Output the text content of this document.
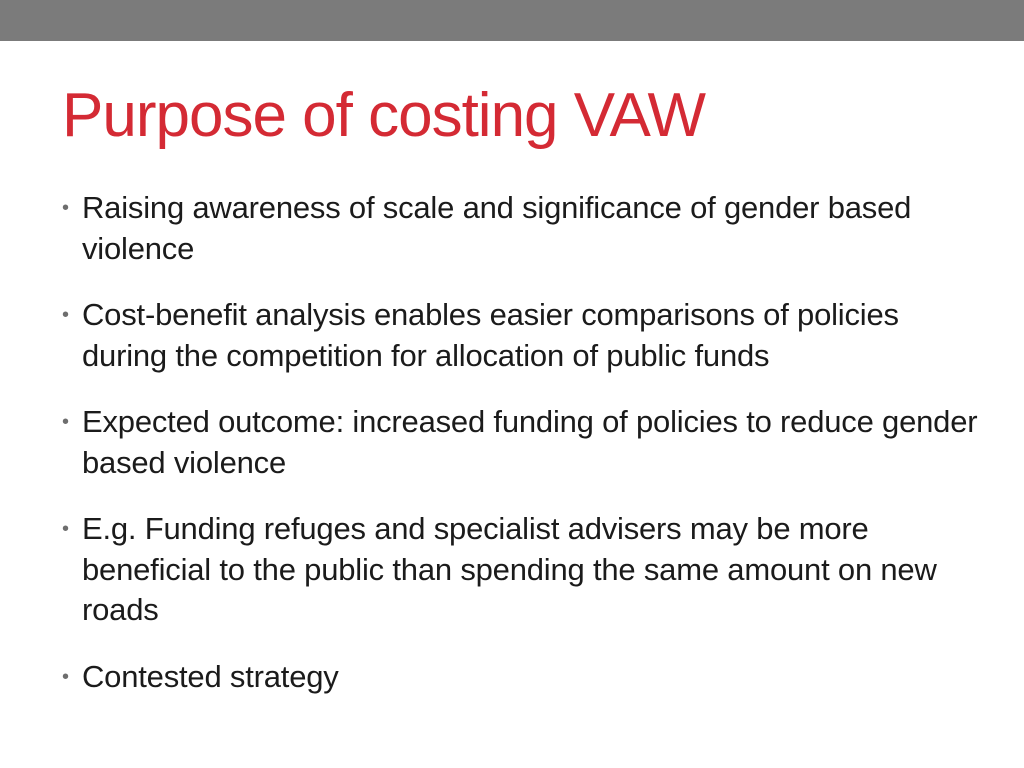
Purpose of costing VAW
• Raising awareness of scale and significance of gender based violence
• Cost-benefit analysis enables easier comparisons of policies during the competition for allocation of public funds
• Expected outcome: increased funding of policies to reduce gender based violence
• E.g. Funding refuges and specialist advisers may be more beneficial to the public than spending the same amount on new roads
• Contested strategy
